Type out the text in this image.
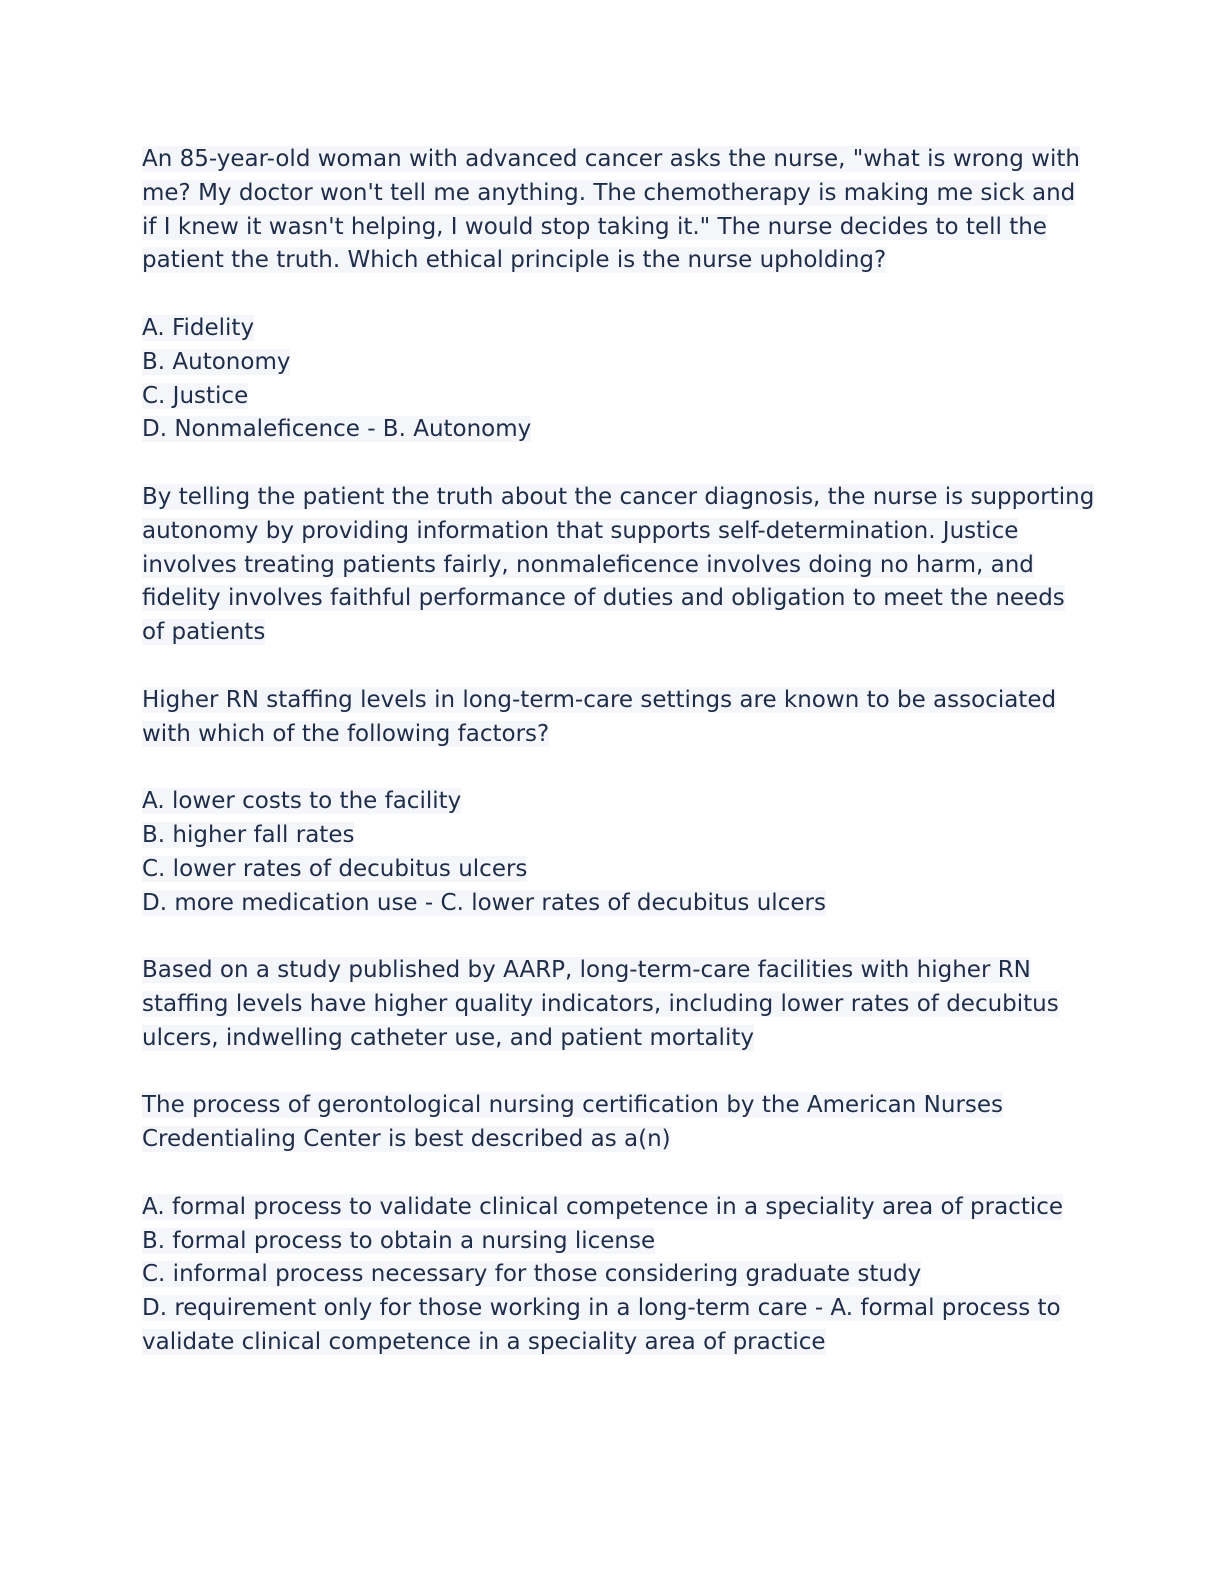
An 85-year-old woman with advanced cancer asks the nurse, "what is wrong with
me? My doctor won't tell me anything. The chemotherapy is making me sick and
if I knew it wasn't helping, I would stop taking it." The nurse decides to tell the
patient the truth. Which ethical principle is the nurse upholding?
A. Fidelity
B. Autonomy
C. Justice
D. Nonmaleficence - B. Autonomy
By telling the patient the truth about the cancer diagnosis, the nurse is supporting
autonomy by providing information that supports self-determination. Justice
involves treating patients fairly, nonmaleficence involves doing no harm, and
fidelity involves faithful performance of duties and obligation to meet the needs
of patients
Higher RN staffing levels in long-term-care settings are known to be associated
with which of the following factors?
A. lower costs to the facility
B. higher fall rates
C. lower rates of decubitus ulcers
D. more medication use - C. lower rates of decubitus ulcers
Based on a study published by AARP, long-term-care facilities with higher RN
staffing levels have higher quality indicators, including lower rates of decubitus
ulcers, indwelling catheter use, and patient mortality
The process of gerontological nursing certification by the American Nurses
Credentialing Center is best described as a(n)
A. formal process to validate clinical competence in a speciality area of practice
B. formal process to obtain a nursing license
C. informal process necessary for those considering graduate study
D. requirement only for those working in a long-term care - A. formal process to
validate clinical competence in a speciality area of practice
